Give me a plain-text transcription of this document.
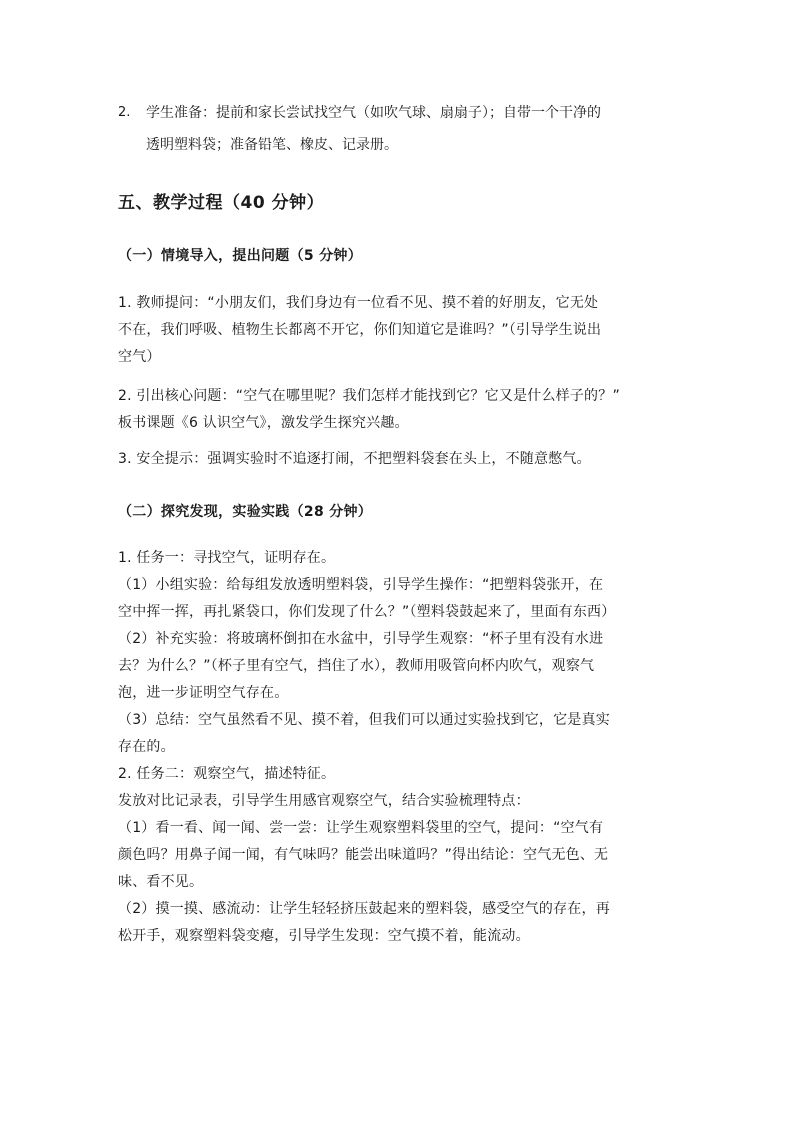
2.	学生准备：提前和家长尝试找空气（如吹气球、扇扇子）；自带一个干净的
透明塑料袋；准备铅笔、橡皮、记录册。
五、教学过程（40 分钟）
（一）情境导入，提出问题（5 分钟）
1. 教师提问：“小朋友们，我们身边有一位看不见、摸不着的好朋友，它无处
不在，我们呼吸、植物生长都离不开它，你们知道它是谁吗？”（引导学生说出
空气）
2. 引出核心问题：“空气在哪里呢？我们怎样才能找到它？它又是什么样子的？”
板书课题《6 认识空气》，激发学生探究兴趣。
3. 安全提示：强调实验时不追逐打闹，不把塑料袋套在头上，不随意憋气。
（二）探究发现，实验实践（28 分钟）
1. 任务一：寻找空气，证明存在。
（1）小组实验：给每组发放透明塑料袋，引导学生操作：“把塑料袋张开，在
空中挥一挥，再扎紧袋口，你们发现了什么？”（塑料袋鼓起来了，里面有东西）
（2）补充实验：将玻璃杯倒扣在水盆中，引导学生观察：“杯子里有没有水进
去？为什么？”（杯子里有空气，挡住了水），教师用吸管向杯内吹气，观察气
泡，进一步证明空气存在。
（3）总结：空气虽然看不见、摸不着，但我们可以通过实验找到它，它是真实
存在的。
2. 任务二：观察空气，描述特征。
发放对比记录表，引导学生用感官观察空气，结合实验梳理特点：
（1）看一看、闻一闻、尝一尝：让学生观察塑料袋里的空气，提问：“空气有
颜色吗？用鼻子闻一闻，有气味吗？能尝出味道吗？”得出结论：空气无色、无
味、看不见。
（2）摸一摸、感流动：让学生轻轻挤压鼓起来的塑料袋，感受空气的存在，再
松开手，观察塑料袋变瘪，引导学生发现：空气摸不着，能流动。
